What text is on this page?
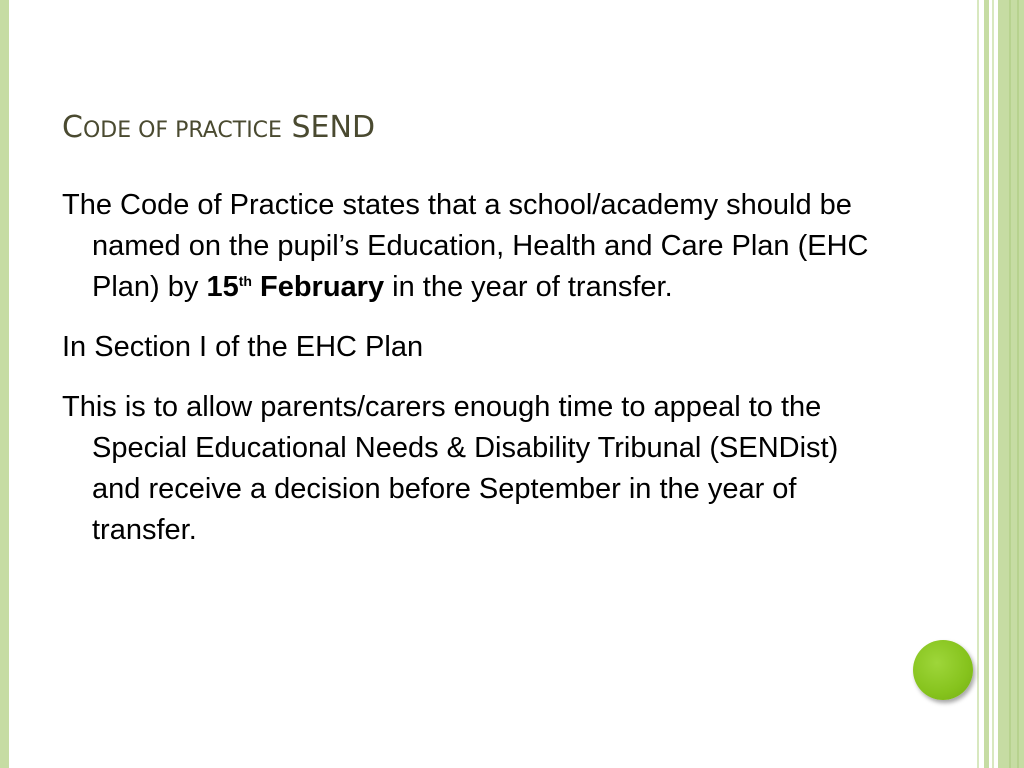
CODE OF PRACTICE SEND

The Code of Practice states that a school/academy should be named on the pupil’s Education, Health and Care Plan (EHC Plan) by 15th February in the year of transfer.

In Section I of the EHC Plan

This is to allow parents/carers enough time to appeal to the Special Educational Needs & Disability Tribunal (SENDist) and receive a decision before September in the year of transfer.
